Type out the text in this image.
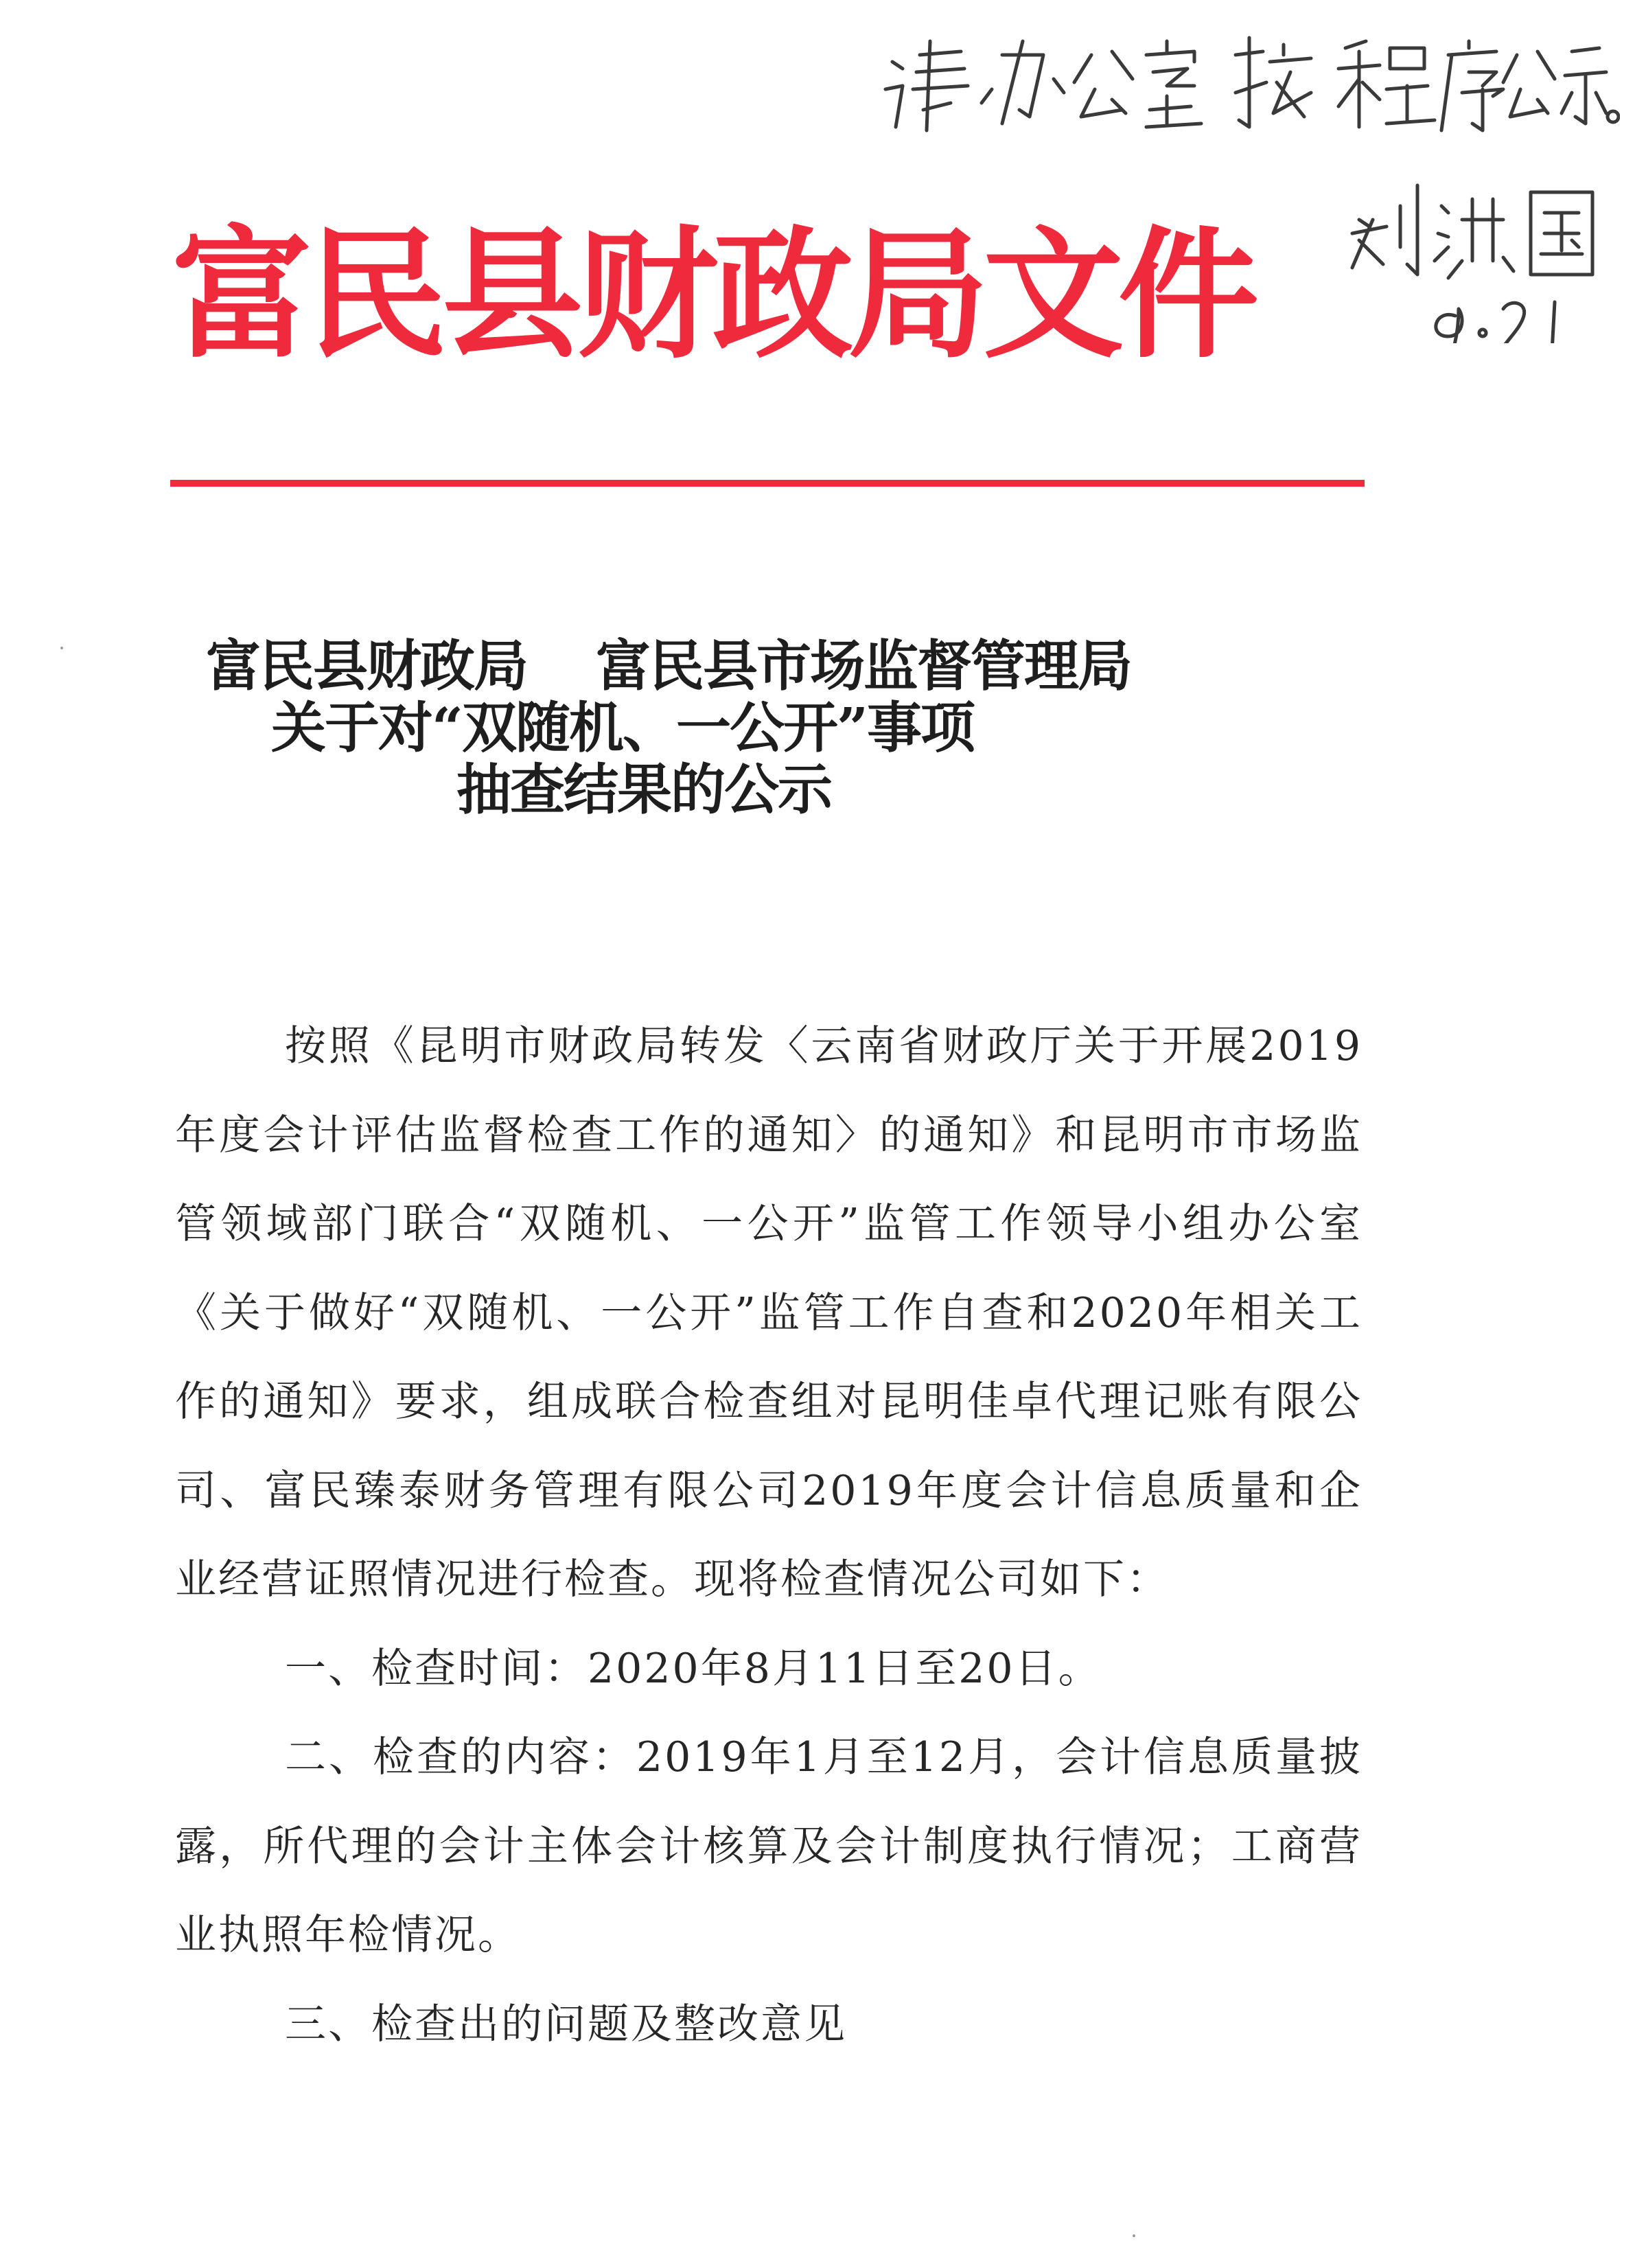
富民县财政局文件
富民县财政局 富民县市场监督管理局
关于对“双随机、一公开”事项
抽查结果的公示

按照《昆明市财政局转发〈云南省财政厅关于开展2019年度会计评估监督检查工作的通知〉的通知》和昆明市市场监管领域部门联合“双随机、一公开”监管工作领导小组办公室《关于做好“双随机、一公开”监管工作自查和2020年相关工作的通知》要求，组成联合检查组对昆明佳卓代理记账有限公司、富民臻泰财务管理有限公司2019年度会计信息质量和企业经营证照情况进行检查。现将检查情况公司如下：

一、检查时间：2020年8月11日至20日。

二、检查的内容：2019年1月至12月，会计信息质量披露，所代理的会计主体会计核算及会计制度执行情况；工商营业执照年检情况。

三、检查出的问题及整改意见
